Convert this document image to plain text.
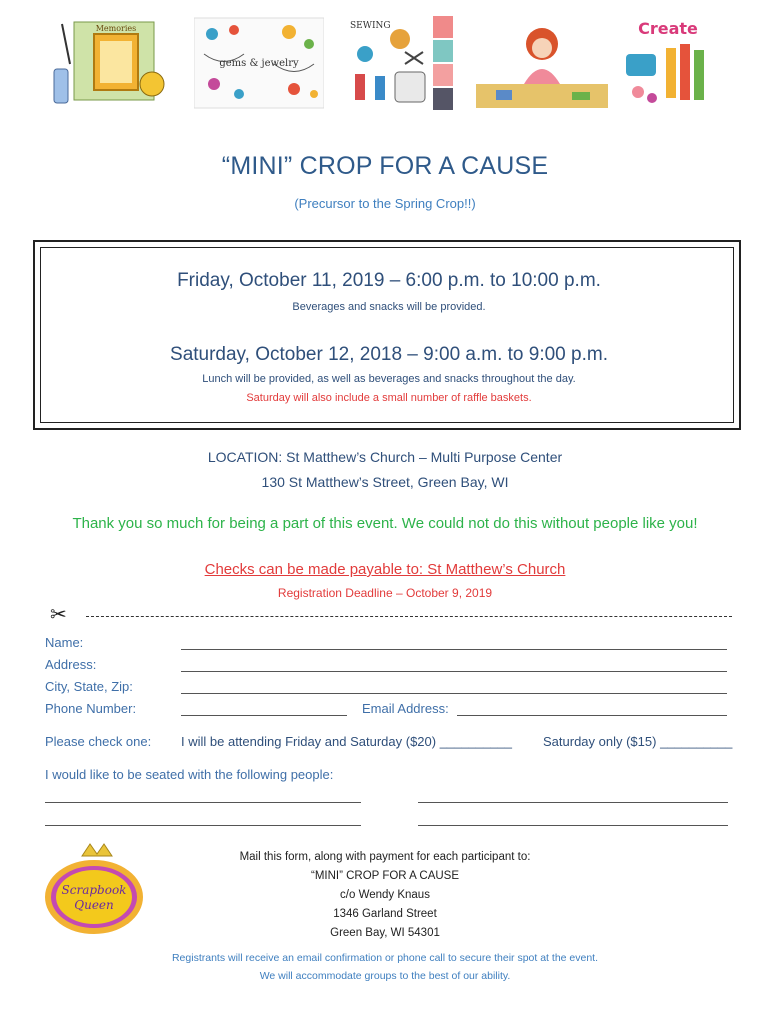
Memories
gems & jewelry
SEWING	Create
“MINI” CROP FOR A CAUSE
(Precursor to the Spring Crop!!)
Friday, October 11, 2019 – 6:00 p.m. to 10:00 p.m.
Beverages and snacks will be provided.
Saturday, October 12, 2018 – 9:00 a.m. to 9:00 p.m.
Lunch will be provided, as well as beverages and snacks throughout the day.
Saturday will also include a small number of raffle baskets.
LOCATION: St Matthew’s Church – Multi Purpose Center
130 St Matthew’s Street, Green Bay, WI
Thank you so much for being a part of this event. We could not do this without people like you!
Checks can be made payable to: St Matthew’s Church
Registration Deadline – October 9, 2019
✂
Name:
Address:
City, State, Zip:
Phone Number:	Email Address:
Please check one: I will be attending Friday and Saturday ($20) __________ Saturday only ($15) __________
I would like to be seated with the following people:
Scrapbook
Queen
Mail this form, along with payment for each participant to:
“MINI” CROP FOR A CAUSE
c/o Wendy Knaus
1346 Garland Street
Green Bay, WI 54301
Registrants will receive an email confirmation or phone call to secure their spot at the event.
We will accommodate groups to the best of our ability.
